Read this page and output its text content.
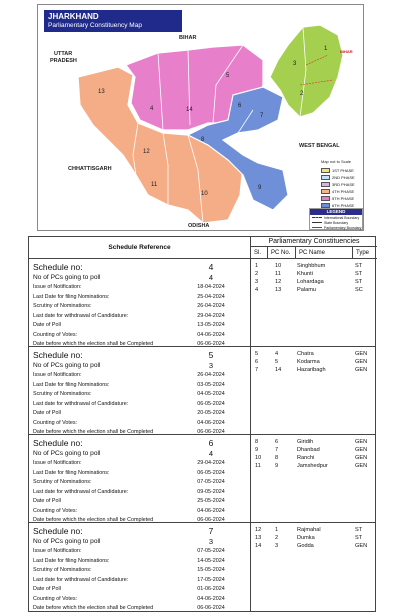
1
2
3
4
5
6
7
8
9
10
11
12
13
14
JHARKHAND
Parliamentary Constituency Map
BIHAR
UTTAR
PRADESH
WEST BENGAL
CHHATTISGARH
ODISHA
BIHAR
Map not to Scale
1ST PHASE
2ND PHASE
3RD PHASE
4TH PHASE
5TH PHASE
6TH PHASE
LEGEND
International Boundary
State Boundary
Parliamentary Boundary
Schedule Reference
Parliamentary Constituencies
Sl.	PC No.	PC Name	Type
Schedule no:	4
No of PCs going to poll	4
Issue of Notification:	18-04-2024
Last Date for filing Nominations:	25-04-2024
Scrutiny of Nominations:	26-04-2024
Last date for withdrawal of Candidature:	29-04-2024
Date of Poll	13-05-2024
Counting of Votes:	04-06-2024
Date before which the election shall be Completed	06-06-2024
1	10	Singhbhum	ST
2	11	Khunti	ST
3	12	Lohardaga	ST
4	13	Palamu	SC
Schedule no:	5
No of PCs going to poll	3
Issue of Notification:	26-04-2024
Last Date for filing Nominations:	03-05-2024
Scrutiny of Nominations:	04-05-2024
Last date for withdrawal of Candidature:	06-05-2024
Date of Poll	20-05-2024
Counting of Votes:	04-06-2024
Date before which the election shall be Completed	06-06-2024
5	4	Chatra	GEN
6	5	Kodarma	GEN
7	14	Hazaribagh	GEN
Schedule no:	6
No of PCs going to poll	4
Issue of Notification:	29-04-2024
Last Date for filing Nominations:	06-05-2024
Scrutiny of Nominations:	07-05-2024
Last date for withdrawal of Candidature:	09-05-2024
Date of Poll	25-05-2024
Counting of Votes:	04-06-2024
Date before which the election shall be Completed	06-06-2024
8	6	Giridih	GEN
9	7	Dhanbad	GEN
10	8	Ranchi	GEN
11	9	Jamshedpur	GEN
Schedule no:	7
No of PCs going to poll	3
Issue of Notification:	07-05-2024
Last Date for filing Nominations:	14-05-2024
Scrutiny of Nominations:	15-05-2024
Last date for withdrawal of Candidature:	17-05-2024
Date of Poll	01-06-2024
Counting of Votes:	04-06-2024
Date before which the election shall be Completed	06-06-2024
12	1	Rajmahal	ST
13	2	Dumka	ST
14	3	Godda	GEN
